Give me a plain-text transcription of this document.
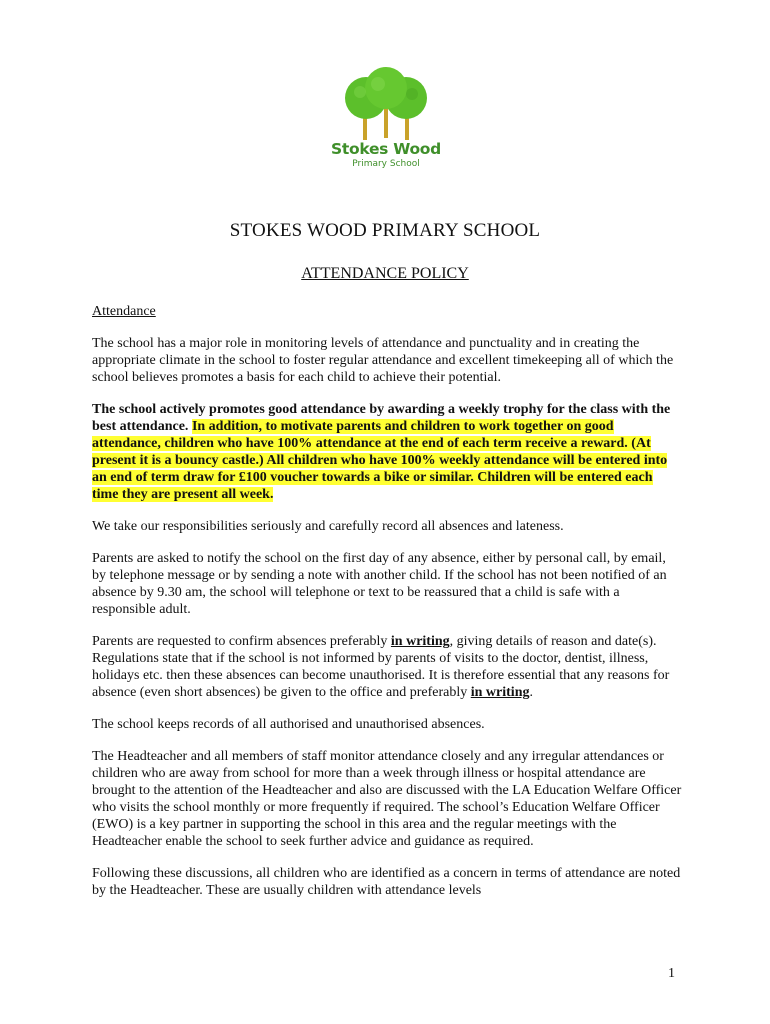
Stokes Wood
Primary School
STOKES WOOD PRIMARY SCHOOL
ATTENDANCE POLICY

Attendance

The school has a major role in monitoring levels of attendance and punctuality and in creating the appropriate climate in the school to foster regular attendance and excellent timekeeping all of which the school believes promotes a basis for each child to achieve their potential.

The school actively promotes good attendance by awarding a weekly trophy for the class with the best attendance. In addition, to motivate parents and children to work together on good attendance, children who have 100% attendance at the end of each term receive a reward. (At present it is a bouncy castle.) All children who have 100% weekly attendance will be entered into an end of term draw for £100 voucher towards a bike or similar. Children will be entered each time they are present all week.

We take our responsibilities seriously and carefully record all absences and lateness.

Parents are asked to notify the school on the first day of any absence, either by personal call, by email, by telephone message or by sending a note with another child. If the school has not been notified of an absence by 9.30 am, the school will telephone or text to be reassured that a child is safe with a responsible adult.

Parents are requested to confirm absences preferably in writing, giving details of reason and date(s). Regulations state that if the school is not informed by parents of visits to the doctor, dentist, illness, holidays etc. then these absences can become unauthorised. It is therefore essential that any reasons for absence (even short absences) be given to the office and preferably in writing.

The school keeps records of all authorised and unauthorised absences.

The Headteacher and all members of staff monitor attendance closely and any irregular attendances or children who are away from school for more than a week through illness or hospital attendance are brought to the attention of the Headteacher and also are discussed with the LA Education Welfare Officer who visits the school monthly or more frequently if required. The school’s Education Welfare Officer (EWO) is a key partner in supporting the school in this area and the regular meetings with the Headteacher enable the school to seek further advice and guidance as required.

Following these discussions, all children who are identified as a concern in terms of attendance are noted by the Headteacher. These are usually children with attendance levels

1
